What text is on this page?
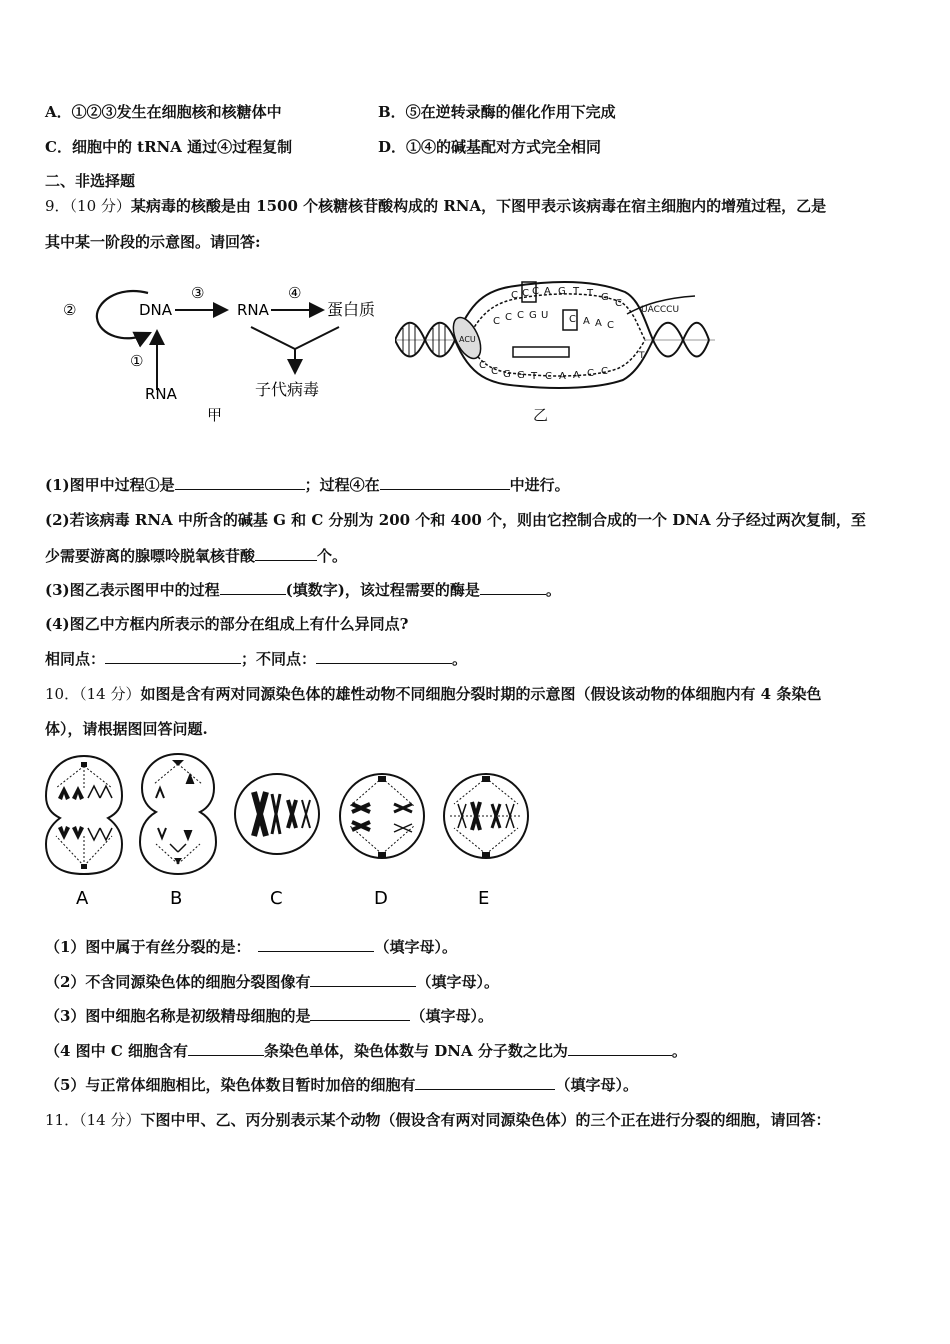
A．①②③发生在细胞核和核糖体中	B．⑤在逆转录酶的催化作用下完成
C．细胞中的 tRNA 通过④过程复制	D．①④的碱基配对方式完全相同
二、非选择题
9．（10 分）某病毒的核酸是由 1500 个核糖核苷酸构成的 RNA，下图甲表示该病毒在宿主细胞内的增殖过程，乙是
其中某一阶段的示意图。请回答:
②	DNA
③
RNA
④
蛋白质
①
RNA	子代病毒
甲
C C C A G T T G
C
C C C G U C A A C
C
C G G T C A A C C
UACCCU
T
ACU
乙
(1)图甲中过程①是	；过程④在	中进行。
(2)若该病毒 RNA 中所含的碱基 G 和 C 分别为 200 个和 400 个，则由它控制合成的一个 DNA 分子经过两次复制，至
少需要游离的腺嘌呤脱氧核苷酸	个。
(3)图乙表示图甲中的过程	(填数字)，该过程需要的酶是	。
(4)图乙中方框内所表示的部分在组成上有什么异同点?
相同点：	；不同点：	。
10．（14 分）如图是含有两对同源染色体的雄性动物不同细胞分裂时期的示意图（假设该动物的体细胞内有 4 条染色
体），请根据图回答问题.
A	B	C	D	E
（1）图中属于有丝分裂的是：	（填字母）。
（2）不含同源染色体的细胞分裂图像有	（填字母）。
（3）图中细胞名称是初级精母细胞的是	（填字母）。
（4 图中 C 细胞含有	条染色单体，染色体数与 DNA 分子数之比为	。
（5）与正常体细胞相比，染色体数目暂时加倍的细胞有	（填字母）。
11．（14 分）下图中甲、乙、丙分别表示某个动物（假设含有两对同源染色体）的三个正在进行分裂的细胞，请回答：
